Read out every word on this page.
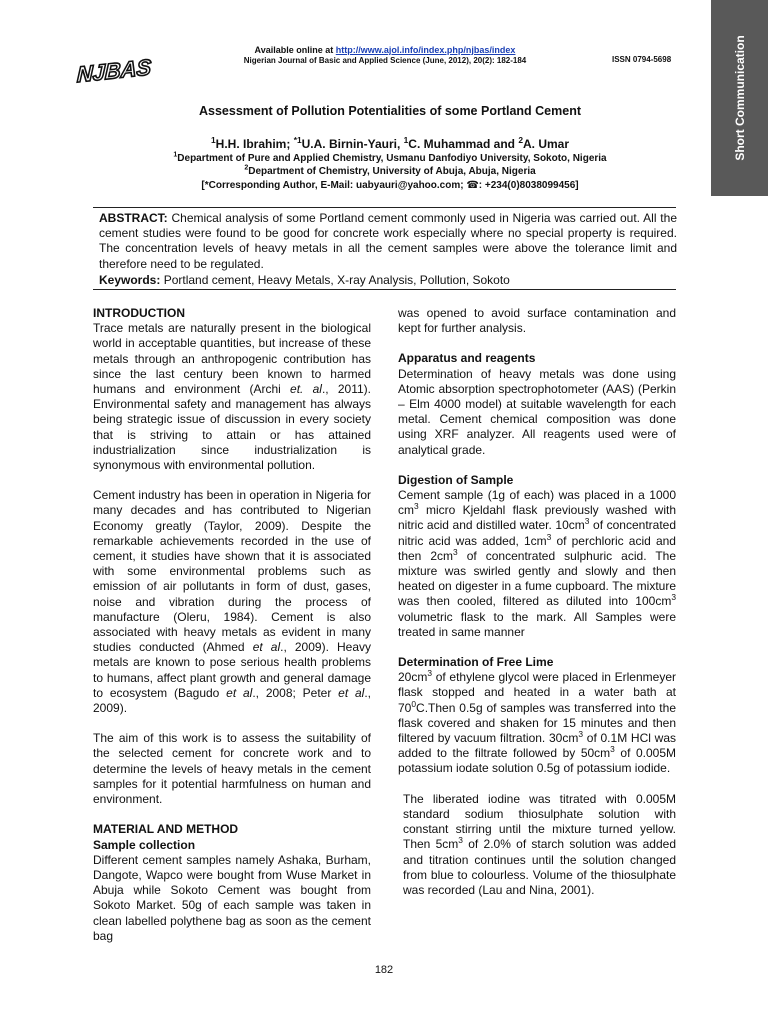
Short Communication
NJBAS
Available online at http://www.ajol.info/index.php/njbas/index
Nigerian Journal of Basic and Applied Science (June, 2012), 20(2): 182-184	ISSN 0794-5698
Assessment of Pollution Potentialities of some Portland Cement
$^1$H.H. Ibrahim; $^{*1}$U.A. Birnin-Yauri, $^1$C. Muhammad and $^2$A. Umar
$^1$Department of Pure and Applied Chemistry, Usmanu Danfodiyo University, Sokoto, Nigeria
$^2$Department of Chemistry, University of Abuja, Abuja, Nigeria
[*Corresponding Author, E-Mail: uabyauri@yahoo.com; ☎: +234(0)8038099456]
ABSTRACT: Chemical analysis of some Portland cement commonly used in Nigeria was carried out. All the cement studies were found to be good for concrete work especially where no special property is required. The concentration levels of heavy metals in all the cement samples were above the tolerance limit and therefore need to be regulated.
Keywords: Portland cement, Heavy Metals, X-ray Analysis, Pollution, Sokoto
INTRODUCTION

Trace metals are naturally present in the biological world in acceptable quantities, but increase of these metals through an anthropogenic contribution has since the last century been known to harmed humans and environment (Archi et. al., 2011). Environmental safety and management has always being strategic issue of discussion in every society that is striving to attain or has attained industrialization since industrialization is synonymous with environmental pollution.

Cement industry has been in operation in Nigeria for many decades and has contributed to Nigerian Economy greatly (Taylor, 2009). Despite the remarkable achievements recorded in the use of cement, it studies have shown that it is associated with some environmental problems such as emission of air pollutants in form of dust, gases, noise and vibration during the process of manufacture (Oleru, 1984). Cement is also associated with heavy metals as evident in many studies conducted (Ahmed et al., 2009). Heavy metals are known to pose serious health problems to humans, affect plant growth and general damage to ecosystem (Bagudo et al., 2008; Peter et al., 2009).

The aim of this work is to assess the suitability of the selected cement for concrete work and to determine the levels of heavy metals in the cement samples for it potential harmfulness on human and environment.

MATERIAL AND METHOD
Sample collection

Different cement samples namely Ashaka, Burham, Dangote, Wapco were bought from Wuse Market in Abuja while Sokoto Cement was bought from Sokoto Market. 50g of each sample was taken in clean labelled polythene bag as soon as the cement bag

was opened to avoid surface contamination and kept for further analysis.

Apparatus and reagents

Determination of heavy metals was done using Atomic absorption spectrophotometer (AAS) (Perkin – Elm 4000 model) at suitable wavelength for each metal. Cement chemical composition was done using XRF analyzer. All reagents used were of analytical grade.

Digestion of Sample

Cement sample (1g of each) was placed in a 1000 $cm^3$ micro Kjeldahl flask previously washed with nitric acid and distilled water. $10cm^3$ of concentrated nitric acid was added, $1cm^3$ of perchloric acid and then $2cm^3$ of concentrated sulphuric acid. The mixture was swirled gently and slowly and then heated on digester in a fume cupboard. The mixture was then cooled, filtered as diluted into $100cm^3$ volumetric flask to the mark. All Samples were treated in same manner

Determination of Free Lime

$20cm^3$ of ethylene glycol were placed in Erlenmeyer flask stopped and heated in a water bath at $70^0C.Then$ 0.5g of samples was transferred into the flask covered and shaken for 15 minutes and then filtered by vacuum filtration. $30cm^3$ of 0.1M HCl was added to the filtrate followed by $50cm^3$ of 0.005M potassium iodate solution 0.5g of potassium iodide.

The liberated iodine was titrated with 0.005M standard sodium thiosulphate solution with constant stirring until the mixture turned yellow. Then $5cm^3$ of 2.0% of starch solution was added and titration continues until the solution changed from blue to colourless. Volume of the thiosulphate was recorded (Lau and Nina, 2001).

182
